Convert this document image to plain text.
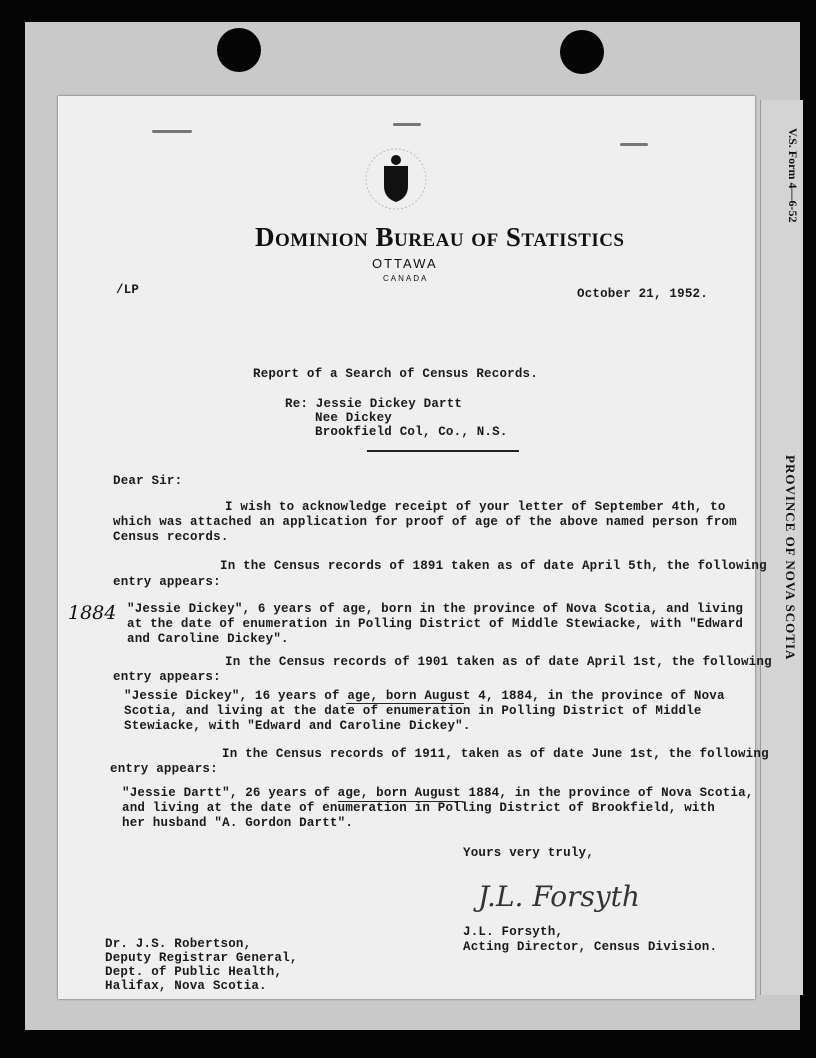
V.S. Form 4—6-52
PROVINCE OF NOVA SCOTIA
Dominion Bureau of Statistics
OTTAWA
CANADA
/LP	October 21, 1952.
Report of a Search of Census Records.
Re: Jessie Dickey Dartt
Nee Dickey
Brookfield Col, Co., N.S.
Dear Sir:
I wish to acknowledge receipt of your letter of September 4th, to
which was attached an application for proof of age of the above named person from
Census records.
In the Census records of 1891 taken as of date April 5th, the following
entry appears:
1884 "Jessie Dickey", 6 years of age, born in the province of Nova Scotia, and living
at the date of enumeration in Polling District of Middle Stewiacke, with "Edward
and Caroline Dickey".
In the Census records of 1901 taken as of date April 1st, the following
entry appears:
"Jessie Dickey", 16 years of age, born August 4, 1884, in the province of Nova
Scotia, and living at the date of enumeration in Polling District of Middle
Stewiacke, with "Edward and Caroline Dickey".
In the Census records of 1911, taken as of date June 1st, the following
entry appears:
"Jessie Dartt", 26 years of age, born August 1884, in the province of Nova Scotia,
and living at the date of enumeration in Polling District of Brookfield, with
her husband "A. Gordon Dartt".
Yours very truly,
J.L. Forsyth
J.L. Forsyth,
Acting Director, Census Division.
Dr. J.S. Robertson,
Deputy Registrar General,
Dept. of Public Health,
Halifax, Nova Scotia.
